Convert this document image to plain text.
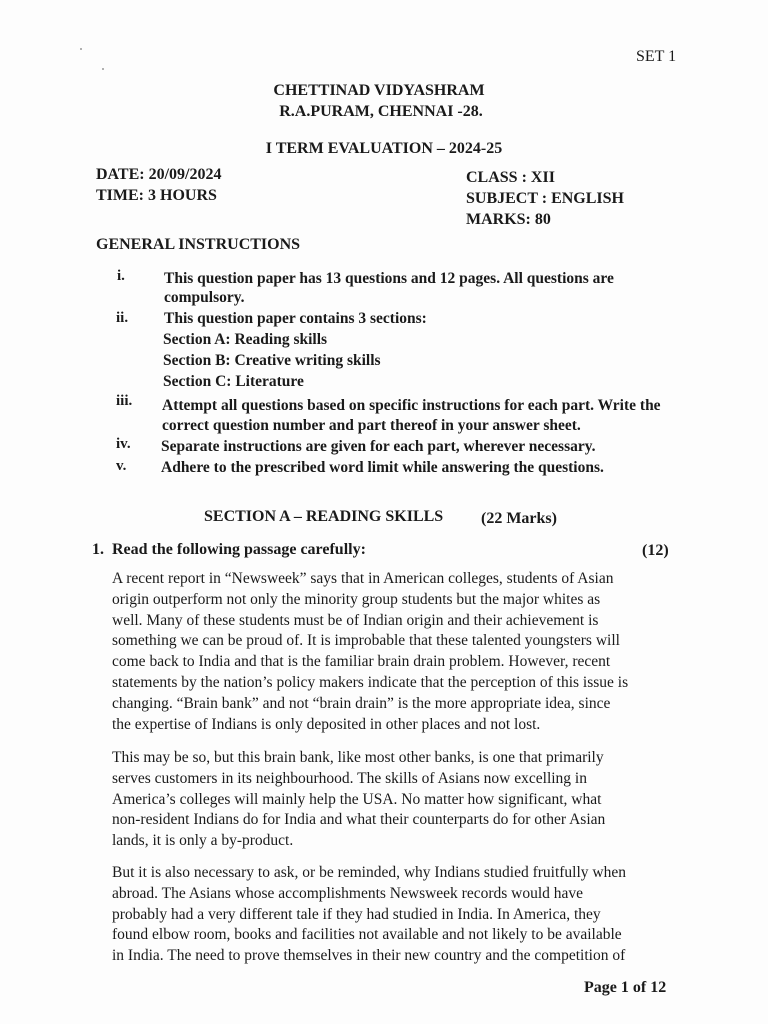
SET 1
CHETTINAD VIDYASHRAM
R.A.PURAM, CHENNAI -28.
I TERM EVALUATION – 2024-25
DATE: 20/09/2024
TIME: 3 HOURS
CLASS : XII
SUBJECT : ENGLISH
MARKS: 80
GENERAL INSTRUCTIONS
i.	This question paper has 13 questions and 12 pages. All questions are
compulsory.
ii. This question paper contains 3 sections:
Section A: Reading skills
Section B: Creative writing skills
Section C: Literature
iii. Attempt all questions based on specific instructions for each part. Write the
correct question number and part thereof in your answer sheet.
iv. Separate instructions are given for each part, wherever necessary.
v. Adhere to the prescribed word limit while answering the questions.
SECTION A – READING SKILLS (22 Marks)
1.  Read the following passage carefully:	(12)
A recent report in “Newsweek” says that in American colleges, students of Asian
origin outperform not only the minority group students but the major whites as
well. Many of these students must be of Indian origin and their achievement is
something we can be proud of. It is improbable that these talented youngsters will
come back to India and that is the familiar brain drain problem. However, recent
statements by the nation’s policy makers indicate that the perception of this issue is
changing. “Brain bank” and not “brain drain” is the more appropriate idea, since
the expertise of Indians is only deposited in other places and not lost.
This may be so, but this brain bank, like most other banks, is one that primarily
serves customers in its neighbourhood. The skills of Asians now excelling in
America’s colleges will mainly help the USA. No matter how significant, what
non-resident Indians do for India and what their counterparts do for other Asian
lands, it is only a by-product.
But it is also necessary to ask, or be reminded, why Indians studied fruitfully when
abroad. The Asians whose accomplishments Newsweek records would have
probably had a very different tale if they had studied in India. In America, they
found elbow room, books and facilities not available and not likely to be available
in India. The need to prove themselves in their new country and the competition of
Page 1 of 12
